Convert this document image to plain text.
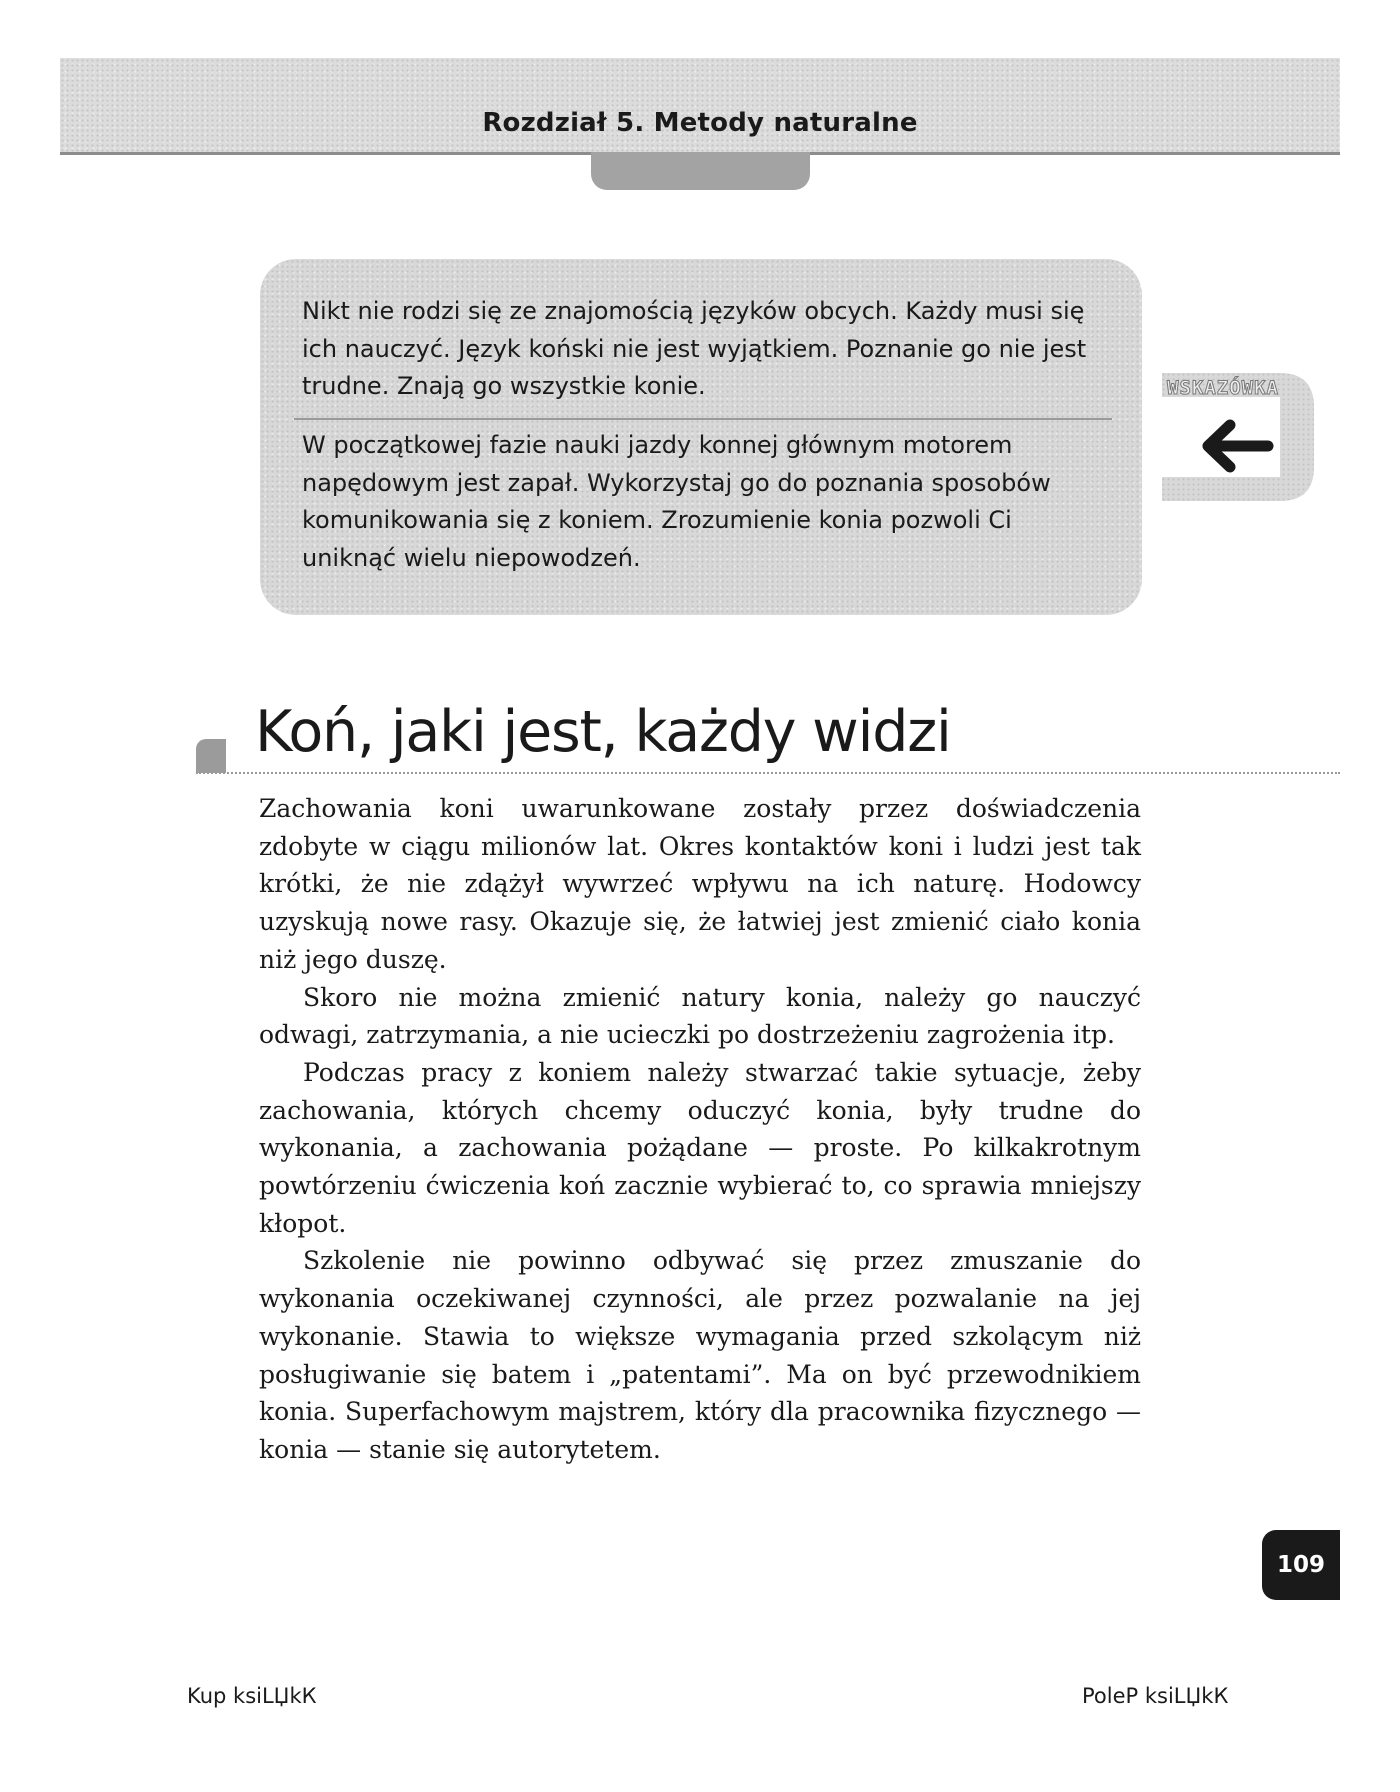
Rozdział 5. Metody naturalne

Nikt nie rodzi się ze znajomością języków obcych. Każdy musi się ich nauczyć. Język koński nie jest wyjątkiem. Poznanie go nie jest trudne. Znają go wszystkie konie.

W początkowej fazie nauki jazdy konnej głównym motorem napędowym jest zapał. Wykorzystaj go do poznania sposobów komunikowania się z koniem. Zrozumienie konia pozwoli Ci uniknąć wielu niepowodzeń.

WSKAZÓWKA
Koń, jaki jest, każdy widzi

Zachowania koni uwarunkowane zostały przez doświadczenia zdobyte w ciągu milionów lat. Okres kontaktów koni i ludzi jest tak krótki, że nie zdążył wywrzeć wpływu na ich naturę. Hodowcy uzyskują nowe rasy. Okazuje się, że łatwiej jest zmienić ciało konia niż jego duszę.

Skoro nie można zmienić natury konia, należy go nauczyć odwagi, zatrzymania, a nie ucieczki po dostrzeżeniu zagrożenia itp.

Podczas pracy z koniem należy stwarzać takie sytuacje, żeby zachowania, których chcemy oduczyć konia, były trudne do wykonania, a zachowania pożądane — proste. Po kilkakrotnym powtórzeniu ćwiczenia koń zacznie wybierać to, co sprawia mniejszy kłopot.

Szkolenie nie powinno odbywać się przez zmuszanie do wykonania oczekiwanej czynności, ale przez pozwalanie na jej wykonanie. Stawia to większe wymagania przed szkolącym niż posługiwanie się batem i „patentami”. Ma on być przewodnikiem konia. Superfachowym majstrem, który dla pracownika fizycznego — konia — stanie się autorytetem.

109
Kup ksiLЏkК	PoleР ksiLЏkК
